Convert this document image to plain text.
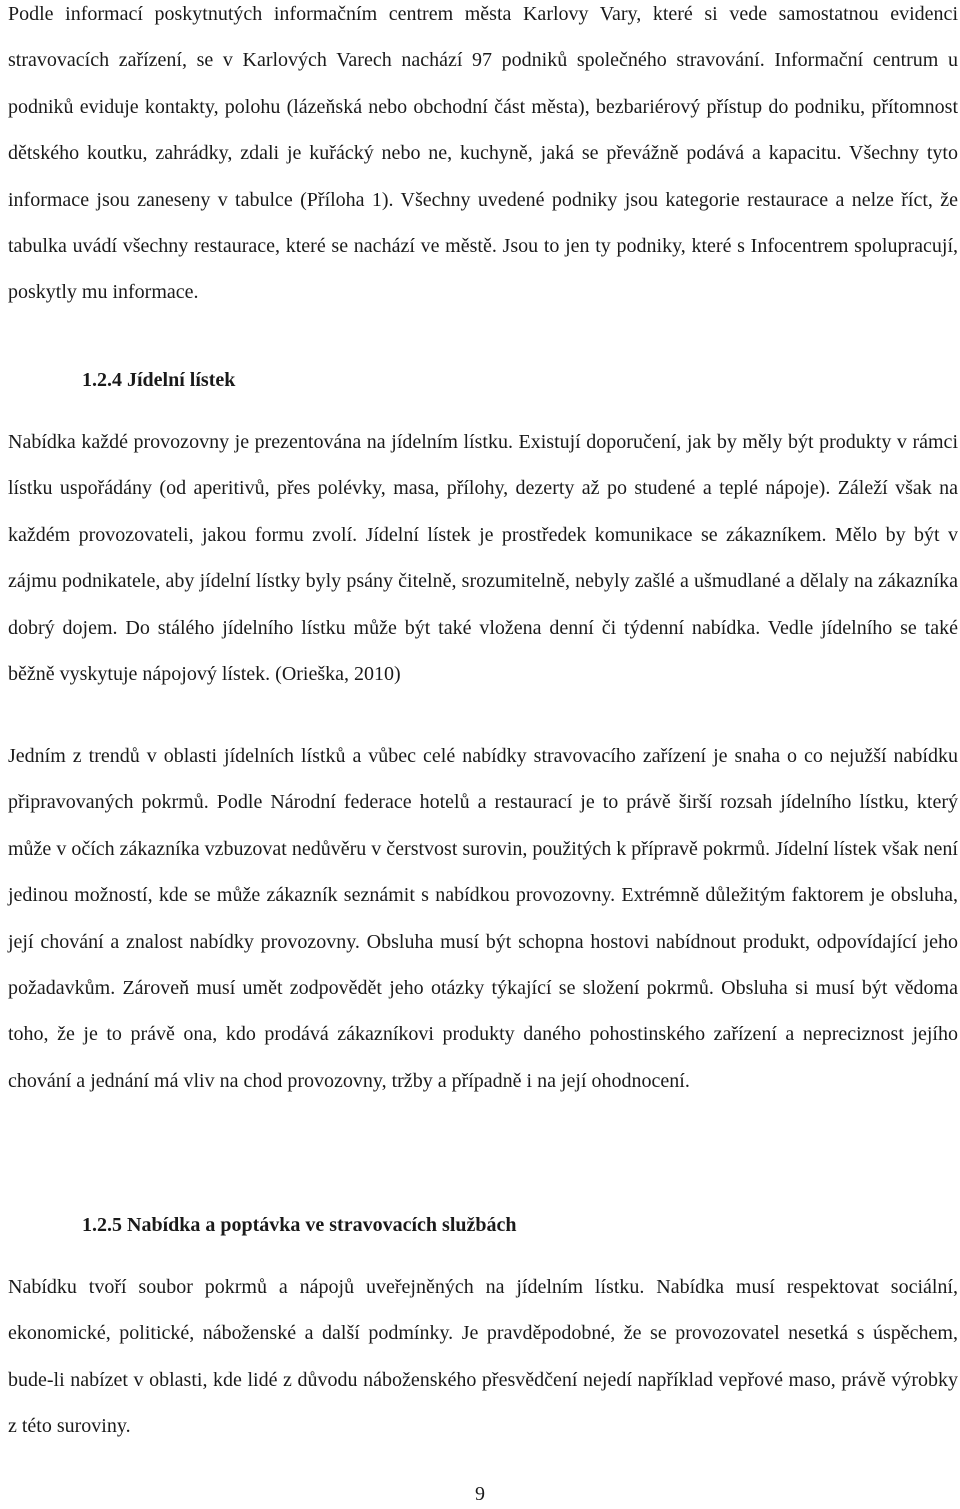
Podle informací poskytnutých informačním centrem města Karlovy Vary, které si vede samostatnou evidenci stravovacích zařízení, se v Karlových Varech nachází 97 podniků společného stravování. Informační centrum u podniků eviduje kontakty, polohu (lázeňská nebo obchodní část města), bezbariérový přístup do podniku, přítomnost dětského koutku, zahrádky, zdali je kuřácký nebo ne, kuchyně, jaká se převážně podává a kapacitu. Všechny tyto informace jsou zaneseny v tabulce (Příloha 1). Všechny uvedené podniky jsou kategorie restaurace a nelze říct, že tabulka uvádí všechny restaurace, které se nachází ve městě. Jsou to jen ty podniky, které s Infocentrem spolupracují, poskytly mu informace.

1.2.4 Jídelní lístek

Nabídka každé provozovny je prezentována na jídelním lístku. Existují doporučení, jak by měly být produkty v rámci lístku uspořádány (od aperitivů, přes polévky, masa, přílohy, dezerty až po studené a teplé nápoje). Záleží však na každém provozovateli, jakou formu zvolí. Jídelní lístek je prostředek komunikace se zákazníkem. Mělo by být v zájmu podnikatele, aby jídelní lístky byly psány čitelně, srozumitelně, nebyly zašlé a ušmudlané a dělaly na zákazníka dobrý dojem. Do stálého jídelního lístku může být také vložena denní či týdenní nabídka. Vedle jídelního se také běžně vyskytuje nápojový lístek. (Orieška, 2010)

Jedním z trendů v oblasti jídelních lístků a vůbec celé nabídky stravovacího zařízení je snaha o co nejužší nabídku připravovaných pokrmů. Podle Národní federace hotelů a restaurací je to právě širší rozsah jídelního lístku, který může v očích zákazníka vzbuzovat nedůvěru v čerstvost surovin, použitých k přípravě pokrmů. Jídelní lístek však není jedinou možností, kde se může zákazník seznámit s nabídkou provozovny. Extrémně důležitým faktorem je obsluha, její chování a znalost nabídky provozovny. Obsluha musí být schopna hostovi nabídnout produkt, odpovídající jeho požadavkům. Zároveň musí umět zodpovědět jeho otázky týkající se složení pokrmů. Obsluha si musí být vědoma toho, že je to právě ona, kdo prodává zákazníkovi produkty daného pohostinského zařízení a nepreciznost jejího chování a jednání má vliv na chod provozovny, tržby a případně i na její ohodnocení.

1.2.5 Nabídka a poptávka ve stravovacích službách

Nabídku tvoří soubor pokrmů a nápojů uveřejněných na jídelním lístku. Nabídka musí respektovat sociální, ekonomické, politické, náboženské a další podmínky. Je pravděpodobné, že se provozovatel nesetká s úspěchem, bude-li nabízet v oblasti, kde lidé z důvodu náboženského přesvědčení nejedí například vepřové maso, právě výrobky z této suroviny.

9
